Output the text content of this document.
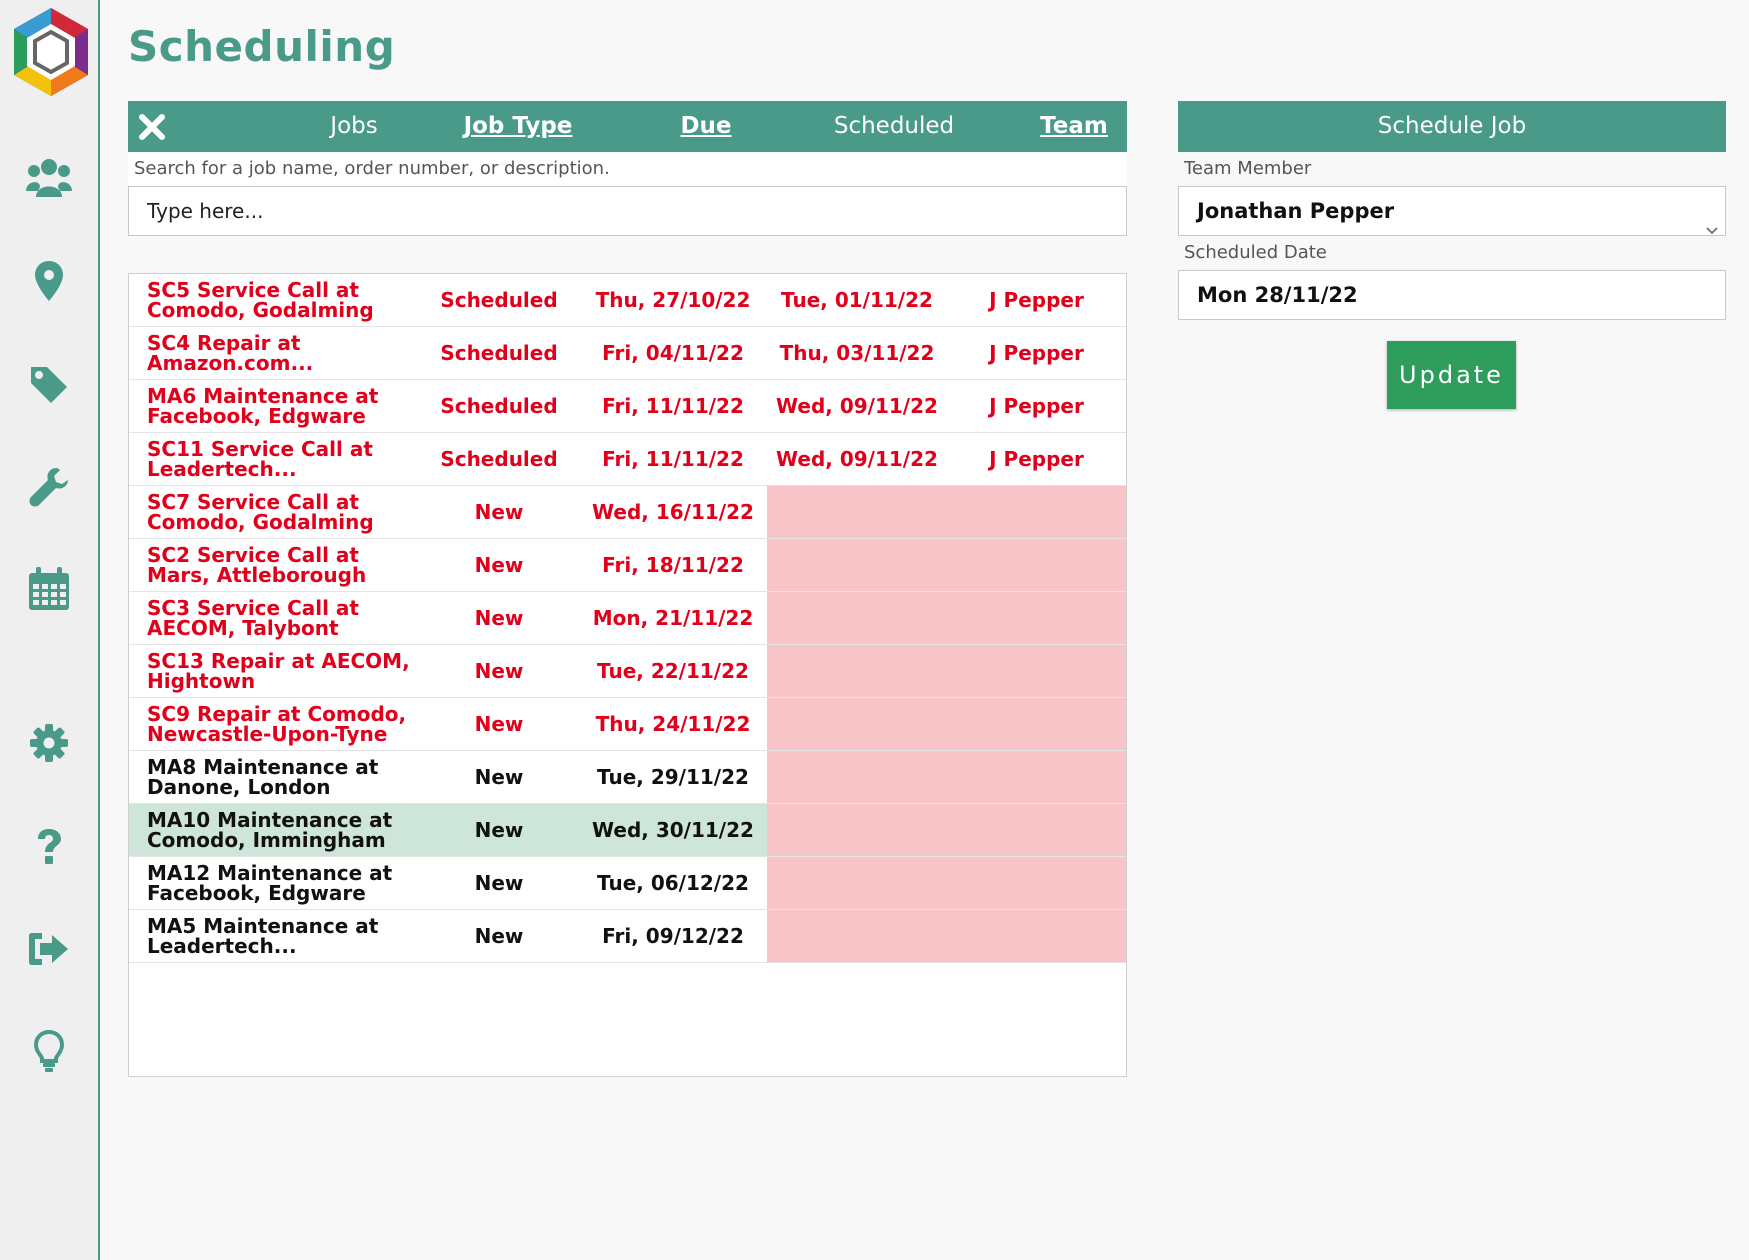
Scheduling
Jobs	Job Type	Due	Scheduled	Team
Search for a job name, order number, or description.
Type here...
SC5 Service Call at Comodo, Godalming	Scheduled	Thu, 27/10/22	Tue, 01/11/22	J Pepper
SC4 Repair at Amazon.com...	Scheduled	Fri, 04/11/22	Thu, 03/11/22	J Pepper
MA6 Maintenance at Facebook, Edgware	Scheduled	Fri, 11/11/22	Wed, 09/11/22	J Pepper
SC11 Service Call at Leadertech...	Scheduled	Fri, 11/11/22	Wed, 09/11/22	J Pepper
SC7 Service Call at Comodo, Godalming	New	Wed, 16/11/22
SC2 Service Call at Mars, Attleborough	New	Fri, 18/11/22
SC3 Service Call at AECOM, Talybont	New	Mon, 21/11/22
SC13 Repair at AECOM, Hightown	New	Tue, 22/11/22
SC9 Repair at Comodo, Newcastle-Upon-Tyne	New	Thu, 24/11/22
MA8 Maintenance at Danone, London	New	Tue, 29/11/22
MA10 Maintenance at Comodo, Immingham	New	Wed, 30/11/22
MA12 Maintenance at Facebook, Edgware	New	Tue, 06/12/22
MA5 Maintenance at Leadertech...	New	Fri, 09/12/22
Schedule Job
Team Member
Jonathan Pepper
Scheduled Date
Mon 28/11/22
Update
